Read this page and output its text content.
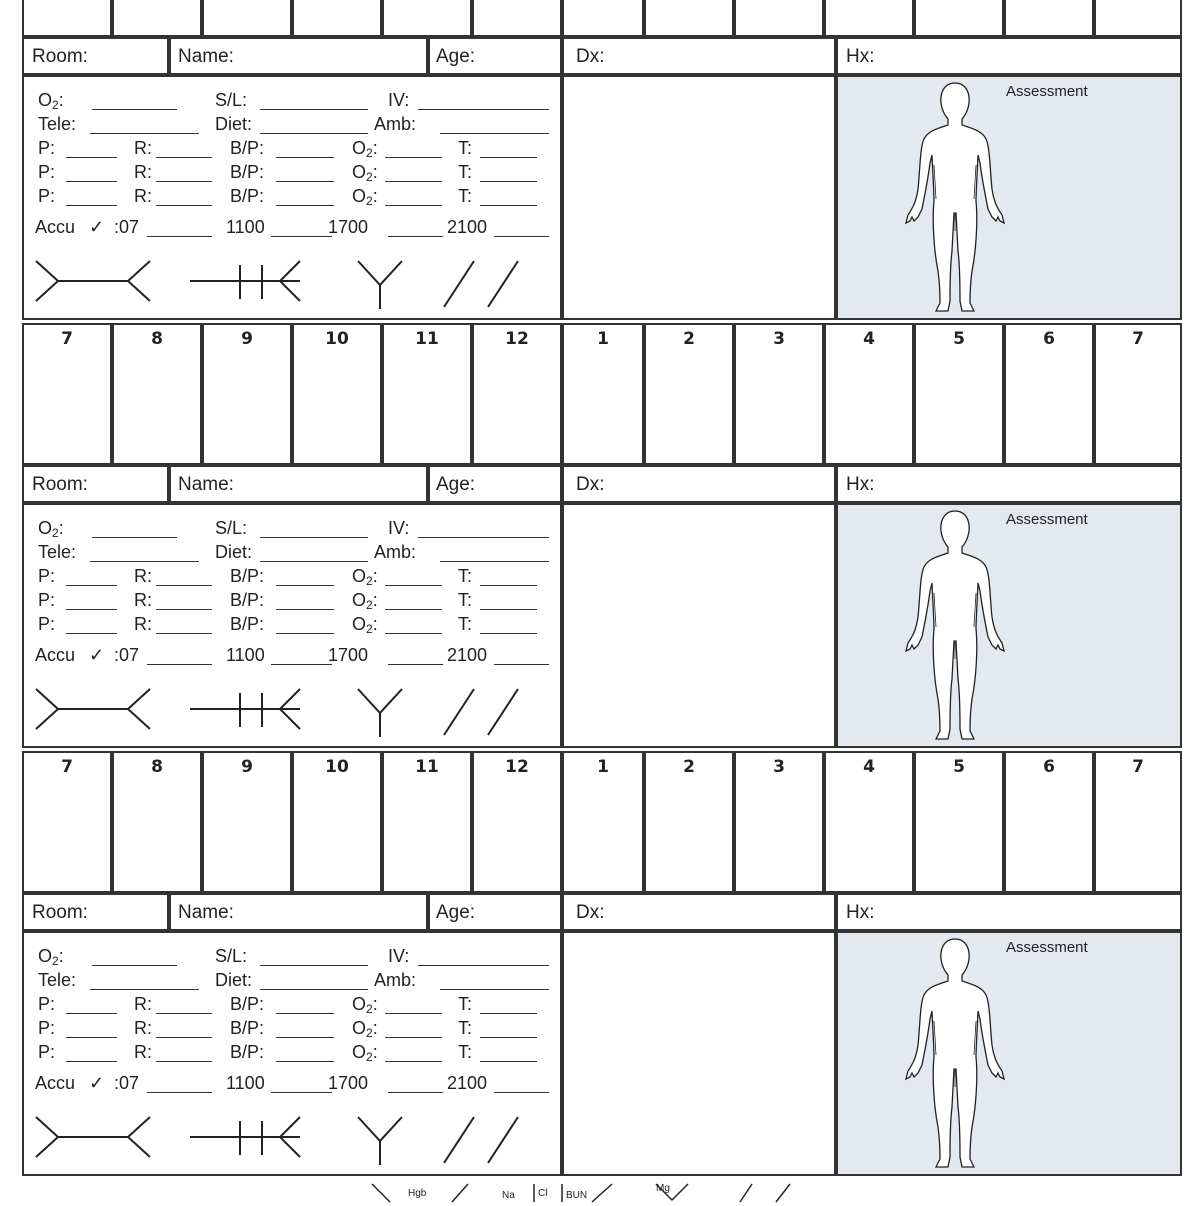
Room:	Name:	Age:	Dx:	Hx:
Assessment
O2:	S/L:	IV:
Tele:	Diet:	Amb:
P:	R:	B/P:	O2:	T:
P:	R:	B/P:	O2:	T:
P:	R:	B/P:	O2:	T:
Accu ✓ :07	1100	1700	2100
7	8	9	10	11	12	1	2	3	4	5	6	7
Room:	Name:	Age:	Dx:	Hx:
Assessment
O2:	S/L:	IV:
Tele:	Diet:	Amb:
P:	R:	B/P:	O2:	T:
P:	R:	B/P:	O2:	T:
P:	R:	B/P:	O2:	T:
Accu ✓ :07	1100	1700	2100
7	8	9	10	11	12	1	2	3	4	5	6	7
Room:	Name:	Age:	Dx:	Hx:
Assessment
O2:	S/L:	IV:
Tele:	Diet:	Amb:
P:	R:	B/P:	O2:	T:
P:	R:	B/P:	O2:	T:
P:	R:	B/P:	O2:	T:
Accu ✓ :07	1100	1700	2100
Hgb	Na Cl BUN
Mg
